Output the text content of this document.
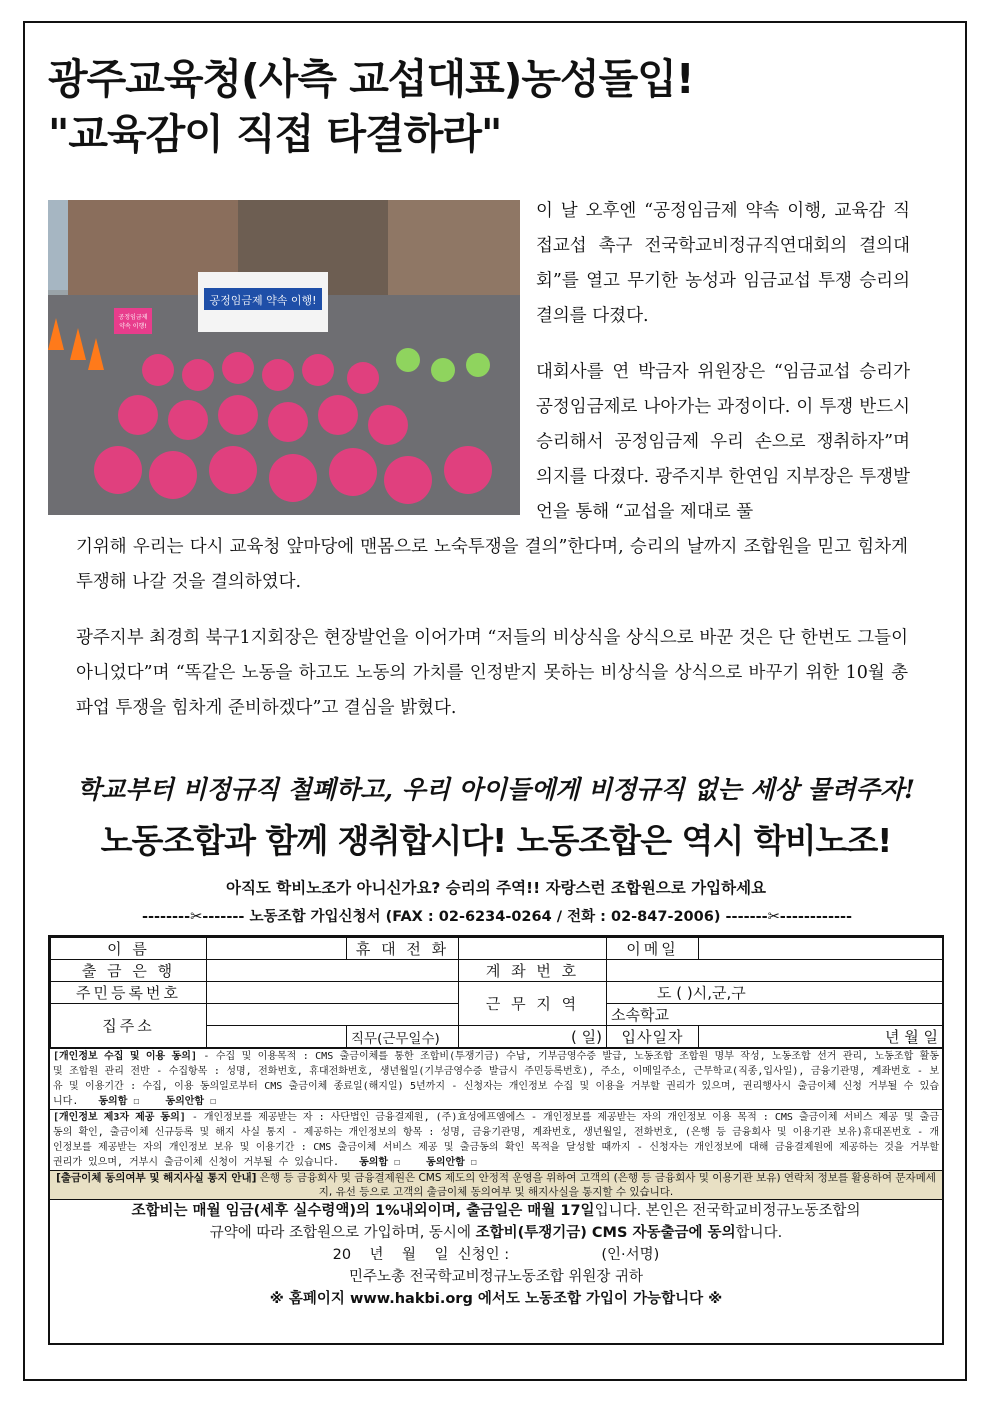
광주교육청(사측 교섭대표)농성돌입!
"교육감이 직접 타결하라"
공정임금제 약속 이행!
공정임금제
약속 이행!

이 날 오후엔 “공정임금제 약속 이행, 교육감 직접교섭 촉구 전국학교비정규직연대회의 결의대회”를 열고 무기한 농성과 임금교섭 투쟁 승리의 결의를 다졌다.

대회사를 연 박금자 위원장은 “임금교섭 승리가 공정임금제로 나아가는 과정이다. 이 투쟁 반드시 승리해서 공정임금제 우리 손으로 쟁취하자”며 의지를 다졌다. 광주지부 한연임 지부장은 투쟁발언을 통해 “교섭을 제대로 풀

기위해 우리는 다시 교육청 앞마당에 맨몸으로 노숙투쟁을 결의”한다며, 승리의 날까지 조합원을 믿고 힘차게 투쟁해 나갈 것을 결의하였다.

광주지부 최경희 북구1지회장은 현장발언을 이어가며 “저들의 비상식을 상식으로 바꾼 것은 단 한번도 그들이 아니었다”며 “똑같은 노동을 하고도 노동의 가치를 인정받지 못하는 비상식을 상식으로 바꾸기 위한 10월 총파업 투쟁을 힘차게 준비하겠다”고 결심을 밝혔다.

학교부터 비정규직 철폐하고, 우리 아이들에게 비정규직 없는 세상 물려주자!
노동조합과 함께 쟁취합시다! 노동조합은 역시 학비노조!
아직도 학비노조가 아니신가요? 승리의 주역!! 자랑스런 조합원으로 가입하세요
--------✂------- 노동조합 가입신청서 (FAX : 02-6234-0264 / 전화 : 02-847-2006) -------✂------------
이 름		휴 대 전 화		이메일	
출 금 은 행			계 좌 번 호		
주민등록번호			근 무 지 역	도 ( )시,군,구	
집주소				소속학교	
		직무(근무일수)	( 일)	입사일자	년 월 일
[개인정보 수집 및 이용 동의] - 수집 및 이용목적 : CMS 출금이체를 통한 조합비(투쟁기금) 수납, 기부금영수증 발급, 노동조합 조합원 명부 작성, 노동조합 선거 관리, 노동조합 활동 및 조합원 관리 전반 - 수집항목 : 성명, 전화번호, 휴대전화번호, 생년월일(기부금영수증 발급시 주민등록번호), 주소, 이메일주소, 근무학교(직종,입사일), 금융기관명, 계좌번호 - 보유 및 이용기간 : 수집, 이용 동의일로부터 CMS 출금이체 종료일(해지일) 5년까지 - 신청자는 개인정보 수집 및 이용을 거부할 권리가 있으며, 권리행사시 출금이체 신청 거부될 수 있습니다. 동의함 ☐	동의안함 ☐
[개인정보 제3자 제공 동의] - 개인정보를 제공받는 자 : 사단법인 금융결제원, (주)효성에프엠에스 - 개인정보를 제공받는 자의 개인정보 이용 목적 : CMS 출금이체 서비스 제공 및 출금동의 확인, 출금이체 신규등록 및 해지 사실 통지 - 제공하는 개인정보의 항목 : 성명, 금융기관명, 계좌번호, 생년월일, 전화번호, (은행 등 금융회사 및 이용기관 보유)휴대폰번호 - 개인정보를 제공받는 자의 개인정보 보유 및 이용기간 : CMS 출금이체 서비스 제공 및 출금동의 확인 목적을 달성할 때까지 - 신청자는 개인정보에 대해 금융결제원에 제공하는 것을 거부할 권리가 있으며, 거부시 출금이체 신청이 거부될 수 있습니다. 동의함 ☐	동의안함 ☐
[출금이체 동의여부 및 해지사실 통지 안내] 은행 등 금융회사 및 금융결제원은 CMS 제도의 안정적 운영을 위하여 고객의 (은행 등 금융회사 및 이용기관 보유) 연락처 정보를 활용하여 문자메세지, 유선 등으로 고객의 출금이체 동의여부 및 해지사실을 통지할 수 있습니다.
조합비는 매월 임금(세후 실수령액)의 1%내외이며, 출금일은 매월 17일입니다. 본인은 전국학교비정규노동조합의
규약에 따라 조합원으로 가입하며, 동시에 조합비(투쟁기금) CMS 자동출금에 동의합니다.
20    년    월    일  신청인 :                    (인·서명)
민주노총 전국학교비정규노동조합 위원장 귀하
※ 홈페이지 www.hakbi.org 에서도 노동조합 가입이 가능합니다 ※
